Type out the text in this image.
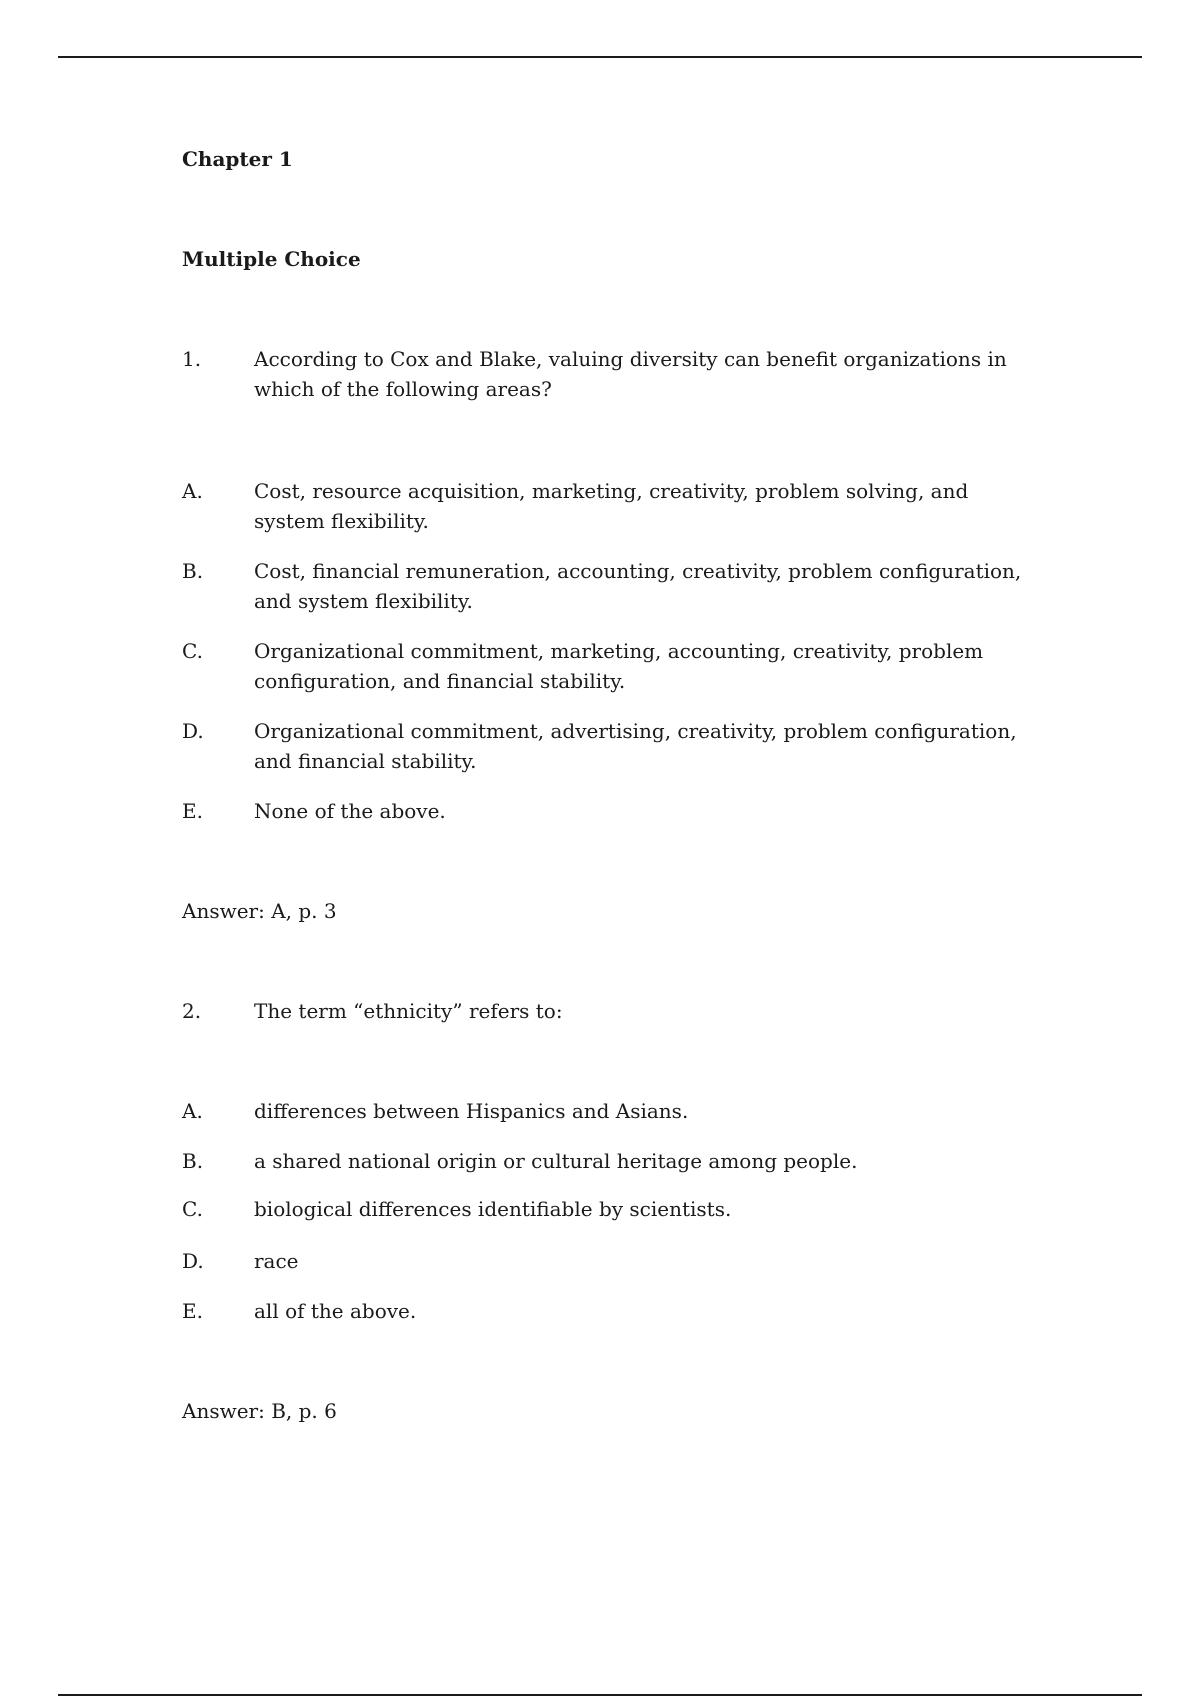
Chapter 1
Multiple Choice
1.	According to Cox and Blake, valuing diversity can benefit organizations in which of the following areas?
A.	Cost, resource acquisition, marketing, creativity, problem solving, and system flexibility.
B.	Cost, financial remuneration, accounting, creativity, problem configuration, and system flexibility.
C.	Organizational commitment, marketing, accounting, creativity, problem configuration, and financial stability.
D.	Organizational commitment, advertising, creativity, problem configuration, and financial stability.
E.	None of the above.
Answer: A, p. 3
2.	The term “ethnicity” refers to:
A.	differences between Hispanics and Asians.
B.	a shared national origin or cultural heritage among people.
C.	biological differences identifiable by scientists.
D.	race
E.	all of the above.
Answer: B, p. 6
